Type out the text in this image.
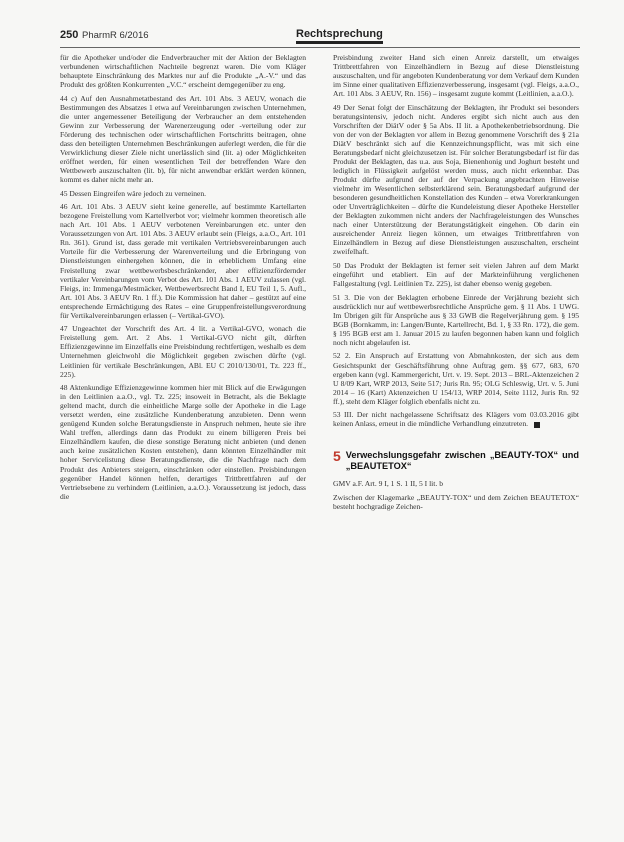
250 PharmR 6/2016	Rechtsprechung

für die Apotheker und/oder die Endverbraucher mit der Aktion der Beklagten verbundenen wirtschaftlichen Nachteile begrenzt waren. Die vom Kläger behauptete Einschränkung des Marktes nur auf die Produkte „A.-V.“ und das Produkt des größten Konkurrenten „V.C.“ erscheint demgegenüber zu eng.

44 c) Auf den Ausnahmetatbestand des Art. 101 Abs. 3 AEUV, wonach die Bestimmungen des Absatzes 1 etwa auf Vereinbarungen zwischen Unternehmen, die unter angemessener Beteiligung der Verbraucher an dem entstehenden Gewinn zur Verbesserung der Warenerzeugung oder -verteilung oder zur Förderung des technischen oder wirtschaftlichen Fortschritts beitragen, ohne dass den beteiligten Unternehmen Beschränkungen auferlegt werden, die für die Verwirklichung dieser Ziele nicht unerlässlich sind (lit. a) oder Möglichkeiten eröffnet werden, für einen wesentlichen Teil der betreffenden Ware den Wettbewerb auszuschalten (lit. b), für nicht anwendbar erklärt werden können, kommt es daher nicht mehr an.

45 Dessen Eingreifen wäre jedoch zu verneinen.

46 Art. 101 Abs. 3 AEUV sieht keine generelle, auf bestimmte Kartellarten bezogene Freistellung vom Kartellverbot vor; vielmehr kommen theoretisch alle nach Art. 101 Abs. 1 AEUV verbotenen Vereinbarungen etc. unter den Voraussetzungen von Art. 101 Abs. 3 AEUV erlaubt sein (Fleigs, a.a.O., Art. 101 Rn. 361). Grund ist, dass gerade mit vertikalen Vertriebsvereinbarungen auch Vorteile für die Verbesserung der Warenverteilung und die Erbringung von Dienstleistungen einhergehen können, die in erheblichem Umfang eine Freistellung zwar wettbewerbsbeschränkender, aber effizienzfördernder vertikaler Vereinbarungen vom Verbot des Art. 101 Abs. 1 AEUV zulassen (vgl. Fleigs, in: Immenga/Mestmäcker, Wettbewerbsrecht Band I, EU Teil 1, 5. Aufl., Art. 101 Abs. 3 AEUV Rn. 1 ff.). Die Kommission hat daher – gestützt auf eine entsprechende Ermächtigung des Rates – eine Gruppenfreistellungsverordnung für Vertikalvereinbarungen erlassen (– Vertikal-GVO).

47 Ungeachtet der Vorschrift des Art. 4 lit. a Vertikal-GVO, wonach die Freistellung gem. Art. 2 Abs. 1 Vertikal-GVO nicht gilt, dürften Effizienzgewinne im Einzelfalls eine Preisbindung rechtfertigen, weshalb es dem Unternehmen gleichwohl die Möglichkeit gegeben zwischen dürfte (vgl. Leitlinien für vertikale Beschränkungen, ABl. EU C 2010/130/01, Tz. 223 ff., 225).

48 Aktenkundige Effizienzgewinne kommen hier mit Blick auf die Erwägungen in den Leitlinien a.a.O., vgl. Tz. 225; insoweit in Betracht, als die Beklagte geltend macht, durch die einheitliche Marge solle der Apotheke in die Lage versetzt werden, eine zusätzliche Kundenberatung anzubieten. Denn wenn genügend Kunden solche Beratungsdienste in Anspruch nehmen, heute sie ihre Wahl treffen, allerdings dann das Produkt zu einem billigeren Preis bei Einzelhändlern kaufen, die diese sonstige Beratung nicht anbieten (und denen auch keine zusätzlichen Kosten entstehen), dann könnten Einzelhändler mit hoher Servicelistung diese Beratungsdienste, die die Nachfrage nach dem Produkt des Anbieters steigern, einschränken oder einstellen. Preisbindungen gegenüber Handel können helfen, derartiges Trittbrettfahren auf der Vertriebsebene zu verhindern (Leitlinien, a.a.O.). Voraussetzung ist jedoch, dass die

Preisbindung zweiter Hand sich einen Anreiz darstellt, um etwaiges Trittbrettfahren von Einzelhändlern in Bezug auf diese Dienstleistung auszuschalten, und für angeboten Kundenberatung vor dem Verkauf dem Kunden im Sinne einer qualitativen Effizienzverbesserung, insgesamt (vgl. Fleigs, a.a.O., Art. 101 Abs. 3 AEUV, Rn. 156) – insgesamt zugute kommt (Leitlinien, a.a.O.).

49 Der Senat folgt der Einschätzung der Beklagten, ihr Produkt sei besonders beratungsintensiv, jedoch nicht. Anderes ergibt sich nicht auch aus den Vorschriften der DiätV oder § 5a Abs. II lit. a Apothekenbetriebsordnung. Die von der von der Beklagten vor allem in Bezug genommene Vorschrift des § 21a DiätV beschränkt sich auf die Kennzeichnungspflicht, was mit sich eine Beratungsbedarf nicht gleichzusetzen ist. Für solcher Beratungsbedarf ist für das Produkt der Beklagten, das u.a. aus Soja, Bienenhonig und Joghurt besteht und lediglich in Flüssigkeit aufgelöst werden muss, auch nicht erkennbar. Das Produkt dürfte aufgrund der auf der Verpackung angebrachten Hinweise vielmehr im Wesentlichen selbsterklärend sein. Beratungsbedarf aufgrund der besonderen gesundheitlichen Konstellation des Kunden – etwa Vorerkrankungen oder Unverträglichkeiten – dürfte die Kundeleistung dieser Apotheke Hersteller der Beklagten zukommen nicht anders der Nachfrageleistungen des Wunsches nach einer Unterstützung der Beratungstätigkeit eingehen. Ob darin ein ausreichender Anreiz liegen können, um etwaiges Trittbrettfahren von Einzelhändlern in Bezug auf diese Dienstleistungen auszuschalten, erscheint zweifelhaft.

50 Das Produkt der Beklagten ist ferner seit vielen Jahren auf dem Markt eingeführt und etabliert. Ein auf der Markteinführung verglichenen Fallgestaltung (vgl. Leitlinien Tz. 225), ist daher ebenso wenig gegeben.

51 3. Die von der Beklagten erhobene Einrede der Verjährung bezieht sich ausdrücklich nur auf wettbewerbsrechtliche Ansprüche gem. § 11 Abs. 1 UWG. Im Übrigen gilt für Ansprüche aus § 33 GWB die Regelverjährung gem. § 195 BGB (Bornkamm, in: Langen/Bunte, Kartellrecht, Bd. 1, § 33 Rn. 172), die gem. § 195 BGB erst am 1. Januar 2015 zu laufen begonnen haben kann und folglich noch nicht abgelaufen ist.

52 2. Ein Anspruch auf Erstattung von Abmahnkosten, der sich aus dem Gesichtspunkt der Geschäftsführung ohne Auftrag gem. §§ 677, 683, 670 ergeben kann (vgl. Kammergericht, Urt. v. 19. Sept. 2013 – BRL-Aktenzeichen 2 U 8/09 Kart, WRP 2013, Seite 517; Juris Rn. 95; OLG Schleswig, Urt. v. 5. Juni 2014 – 16 (Kart) Aktenzeichen U 154/13, WRP 2014, Seite 1112, Juris Rn. 92 ff.), steht dem Kläger folglich ebenfalls nicht zu.

53 III. Der nicht nachgelassene Schriftsatz des Klägers vom 03.03.2016 gibt keinen Anlass, erneut in die mündliche Verhandlung einzutreten.

5 Verwechslungsgefahr zwischen „BEAUTY-TOX“ und „BEAUTETOX“
GMV a.F. Art. 9 I, 1 S. 1 II, 5 I lit. b
Zwischen der Klagemarke „BEAUTY-TOX“ und dem Zeichen BEAUTETOX“ besteht hochgradige Zeichen-
